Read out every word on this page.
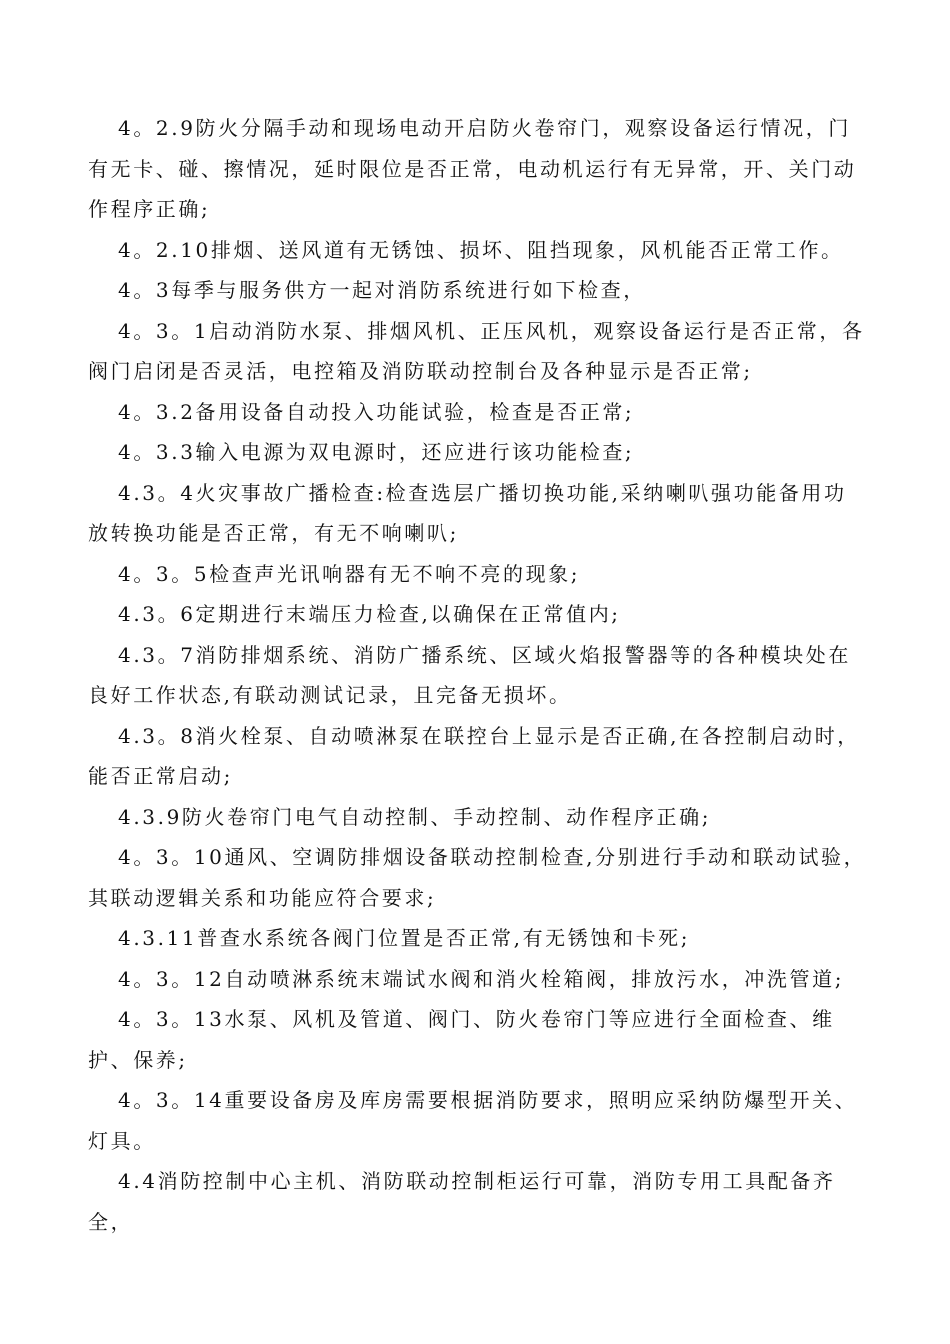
4。2.9防火分隔手动和现场电动开启防火卷帘门，观察设备运行情况，门有无卡、碰、擦情况，延时限位是否正常，电动机运行有无异常，开、关门动作程序正确;

4。2.10排烟、送风道有无锈蚀、损坏、阻挡现象，风机能否正常工作。

4。3每季与服务供方一起对消防系统进行如下检查，

4。3。1启动消防水泵、排烟风机、正压风机，观察设备运行是否正常，各阀门启闭是否灵活，电控箱及消防联动控制台及各种显示是否正常;

4。3.2备用设备自动投入功能试验，检查是否正常;

4。3.3输入电源为双电源时，还应进行该功能检查;

4.3。4火灾事故广播检查:检查选层广播切换功能,采纳喇叭强功能备用功放转换功能是否正常，有无不响喇叭;

4。3。5检查声光讯响器有无不响不亮的现象;

4.3。6定期进行末端压力检查,以确保在正常值内;

4.3。7消防排烟系统、消防广播系统、区域火焰报警器等的各种模块处在良好工作状态,有联动测试记录，且完备无损坏。

4.3。8消火栓泵、自动喷淋泵在联控台上显示是否正确,在各控制启动时，能否正常启动;

4.3.9防火卷帘门电气自动控制、手动控制、动作程序正确;

4。3。10通风、空调防排烟设备联动控制检查,分别进行手动和联动试验，其联动逻辑关系和功能应符合要求;

4.3.11普查水系统各阀门位置是否正常,有无锈蚀和卡死;

4。3。12自动喷淋系统末端试水阀和消火栓箱阀，排放污水，冲洗管道;

4。3。13水泵、风机及管道、阀门、防火卷帘门等应进行全面检查、维护、保养;

4。3。14重要设备房及库房需要根据消防要求，照明应采纳防爆型开关、灯具。

4.4消防控制中心主机、消防联动控制柜运行可靠，消防专用工具配备齐全，
